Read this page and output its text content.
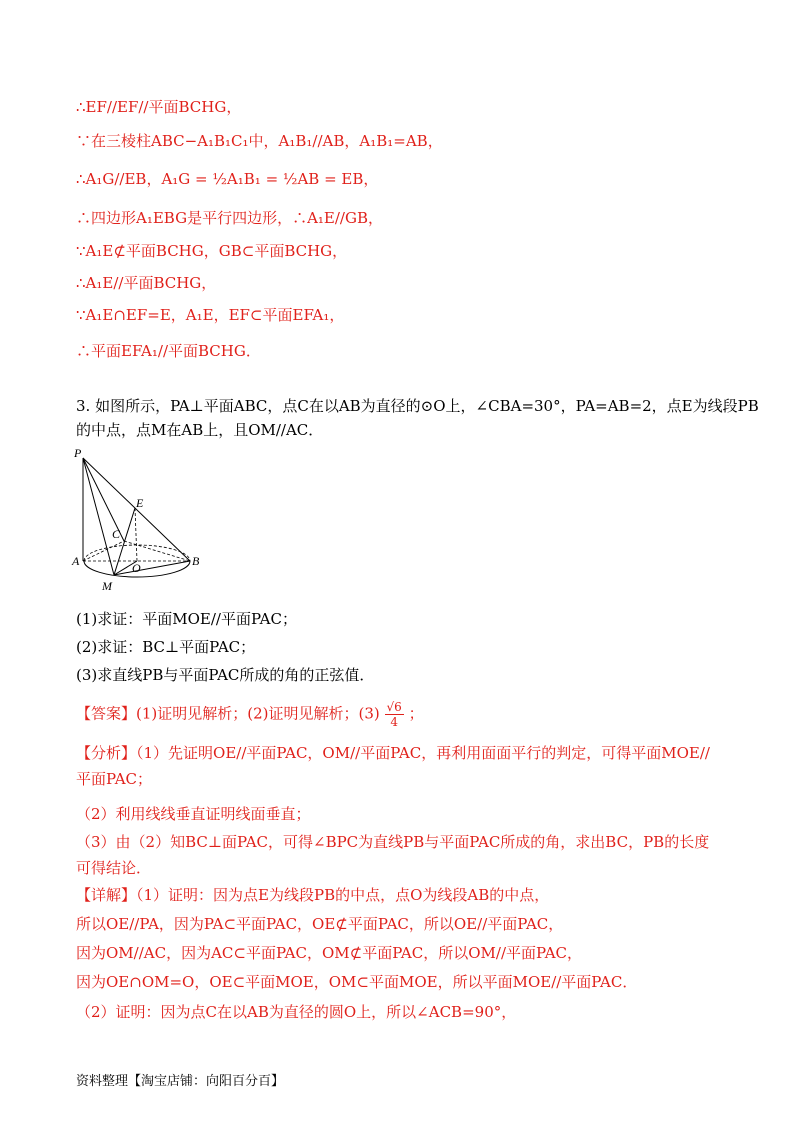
∴EF//EF//平面BCHG，
∵在三棱柱ABC−A₁B₁C₁中，A₁B₁//AB，A₁B₁=AB，
∴A₁G//EB，A₁G = ½A₁B₁ = ½AB = EB，
∴四边形A₁EBG是平行四边形，∴A₁E//GB，
∵A₁E⊄平面BCHG，GB⊂平面BCHG，
∴A₁E//平面BCHG，
∵A₁E∩EF=E，A₁E，EF⊂平面EFA₁，
∴平面EFA₁//平面BCHG．
3. 如图所示，PA⊥平面ABC，点C在以AB为直径的⊙O上，∠CBA=30°，PA=AB=2，点E为线段PB
的中点，点M在AB上，且OM//AC．
P
E
C
A	O	B
M
(1)求证：平面MOE//平面PAC；
(2)求证：BC⊥平面PAC；
(3)求直线PB与平面PAC所成的角的正弦值．
【答案】(1)证明见解析；(2)证明见解析；$(3) \frac{√6}{4}$ ；
【分析】（1）先证明OE//平面PAC，OM//平面PAC，再利用面面平行的判定，可得平面MOE//平面PAC；
（2）利用线线垂直证明线面垂直；
（3）由（2）知BC⊥面PAC，可得∠BPC为直线PB与平面PAC所成的角，求出BC，PB的长度可得结论．
【详解】（1）证明：因为点E为线段PB的中点，点O为线段AB的中点，
所以OE//PA，因为PA⊂平面PAC，OE⊄平面PAC，所以OE//平面PAC，
因为OM//AC，因为AC⊂平面PAC，OM⊄平面PAC，所以OM//平面PAC，
因为OE∩OM=O，OE⊂平面MOE，OM⊂平面MOE，所以平面MOE//平面PAC．
（2）证明：因为点C在以AB为直径的圆O上，所以∠ACB=90°，
资料整理【淘宝店铺：向阳百分百】
